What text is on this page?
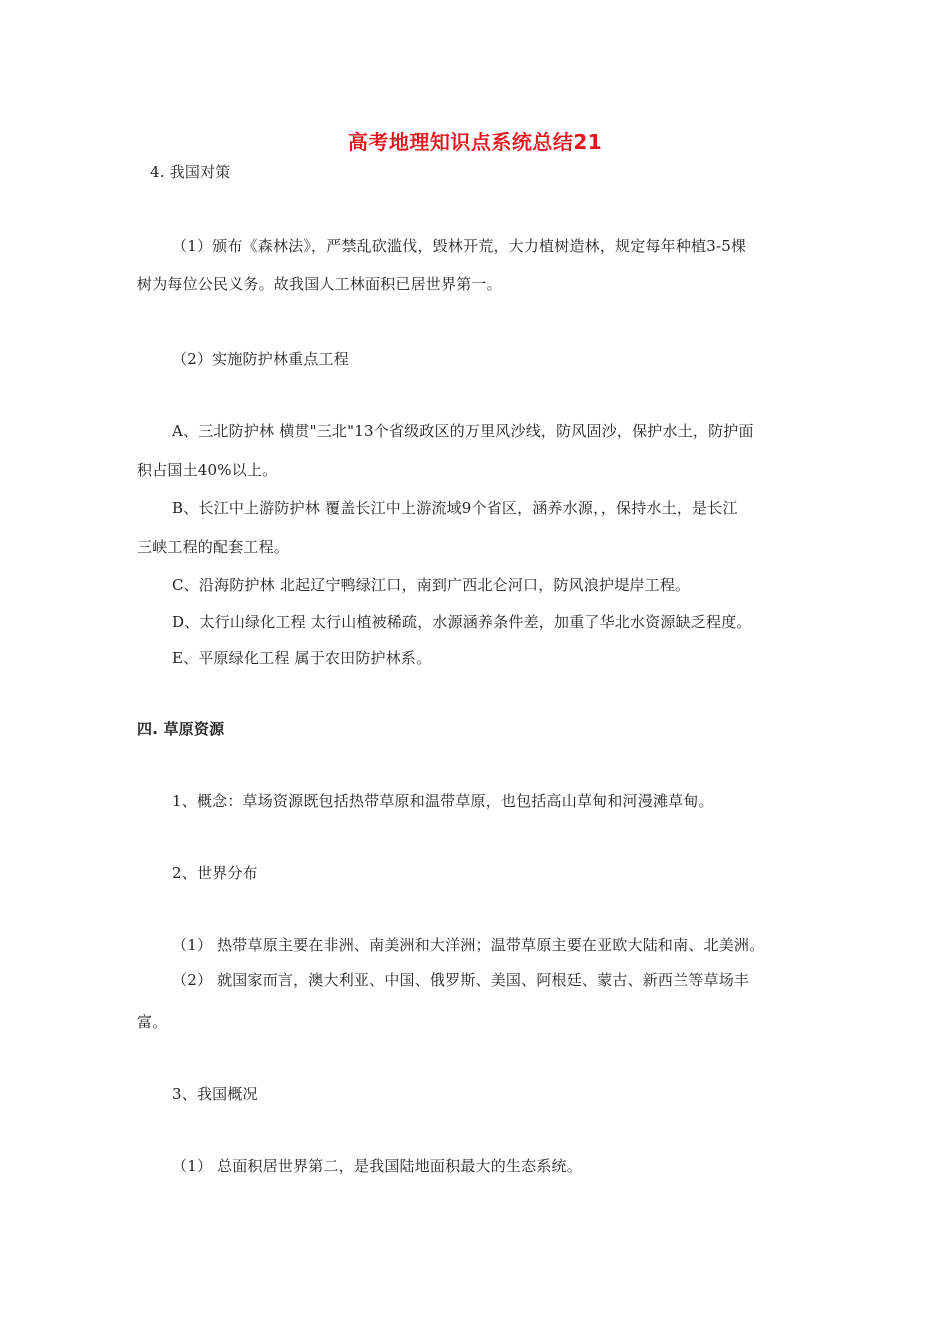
高考地理知识点系统总结21
4. 我国对策
（1）颁布《森林法》，严禁乱砍滥伐，毁林开荒，大力植树造林，规定每年种植3-5棵
树为每位公民义务。故我国人工林面积已居世界第一。
（2）实施防护林重点工程
A、三北防护林 横贯"三北"13个省级政区的万里风沙线，防风固沙，保护水土，防护面
积占国土40%以上。
B、长江中上游防护林 覆盖长江中上游流域9个省区，涵养水源，，保持水土，是长江
三峡工程的配套工程。
C、沿海防护林 北起辽宁鸭绿江口，南到广西北仑河口，防风浪护堤岸工程。
D、太行山绿化工程 太行山植被稀疏，水源涵养条件差，加重了华北水资源缺乏程度。
E、平原绿化工程 属于农田防护林系。
四. 草原资源
1、概念：草场资源既包括热带草原和温带草原，也包括高山草甸和河漫滩草甸。
2、世界分布
（1） 热带草原主要在非洲、南美洲和大洋洲；温带草原主要在亚欧大陆和南、北美洲。
（2） 就国家而言，澳大利亚、中国、俄罗斯、美国、阿根廷、蒙古、新西兰等草场丰
富。
3、我国概况
（1） 总面积居世界第二，是我国陆地面积最大的生态系统。
